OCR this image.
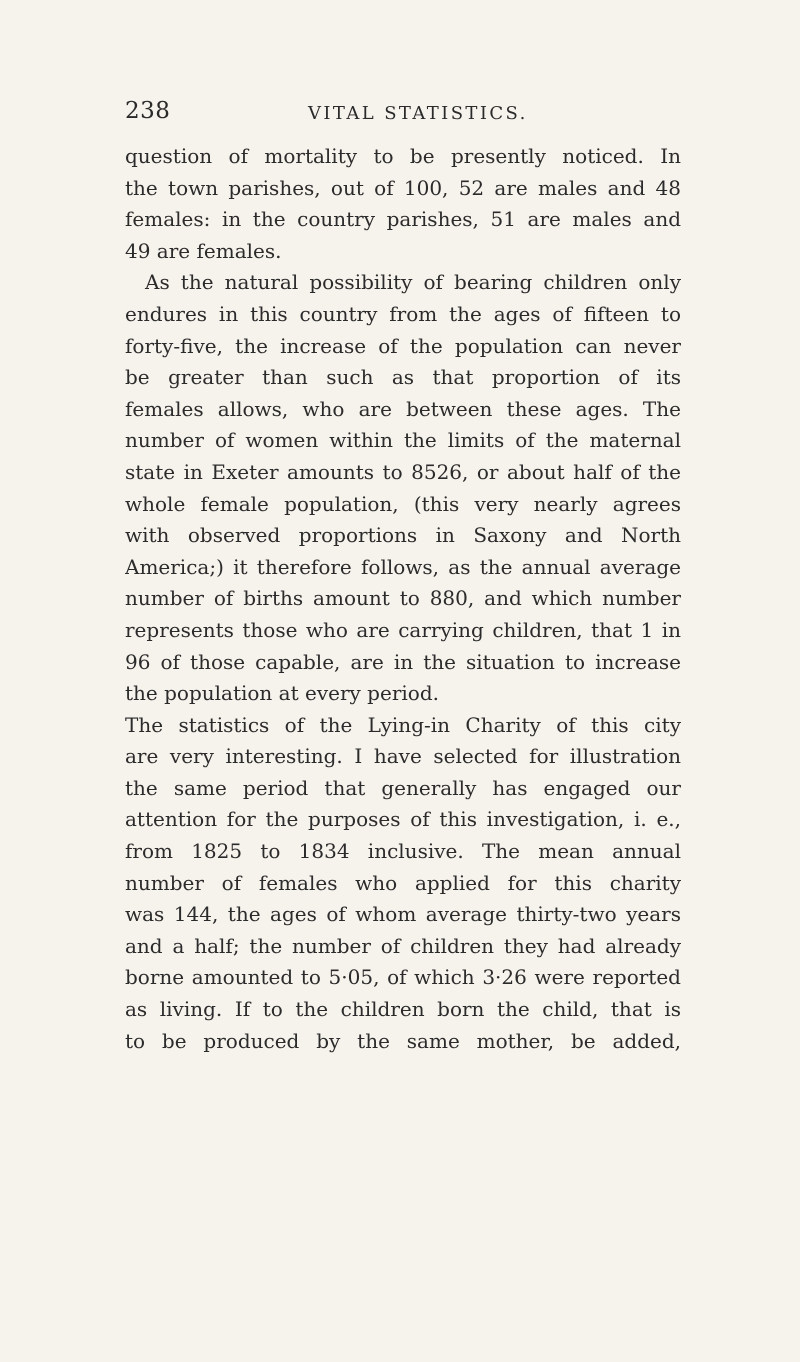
238	VITAL STATISTICS.
question of mortality to be presently noticed. In
the town parishes, out of 100, 52 are males and 48
females: in the country parishes, 51 are males and
49 are females.
As the natural possibility of bearing children only
endures in this country from the ages of fifteen to
forty-five, the increase of the population can never
be greater than such as that proportion of its
females allows, who are between these ages. The
number of women within the limits of the maternal
state in Exeter amounts to 8526, or about half of the
whole female population, (this very nearly agrees
with observed proportions in Saxony and North
America;) it therefore follows, as the annual average
number of births amount to 880, and which number
represents those who are carrying children, that 1 in
96 of those capable, are in the situation to increase
the population at every period.
The statistics of the Lying-in Charity of this city
are very interesting. I have selected for illustration
the same period that generally has engaged our
attention for the purposes of this investigation, i. e.,
from 1825 to 1834 inclusive. The mean annual
number of females who applied for this charity
was 144, the ages of whom average thirty-two years
and a half; the number of children they had already
borne amounted to 5·05, of which 3·26 were reported
as living. If to the children born the child, that is
to be produced by the same mother, be added,
